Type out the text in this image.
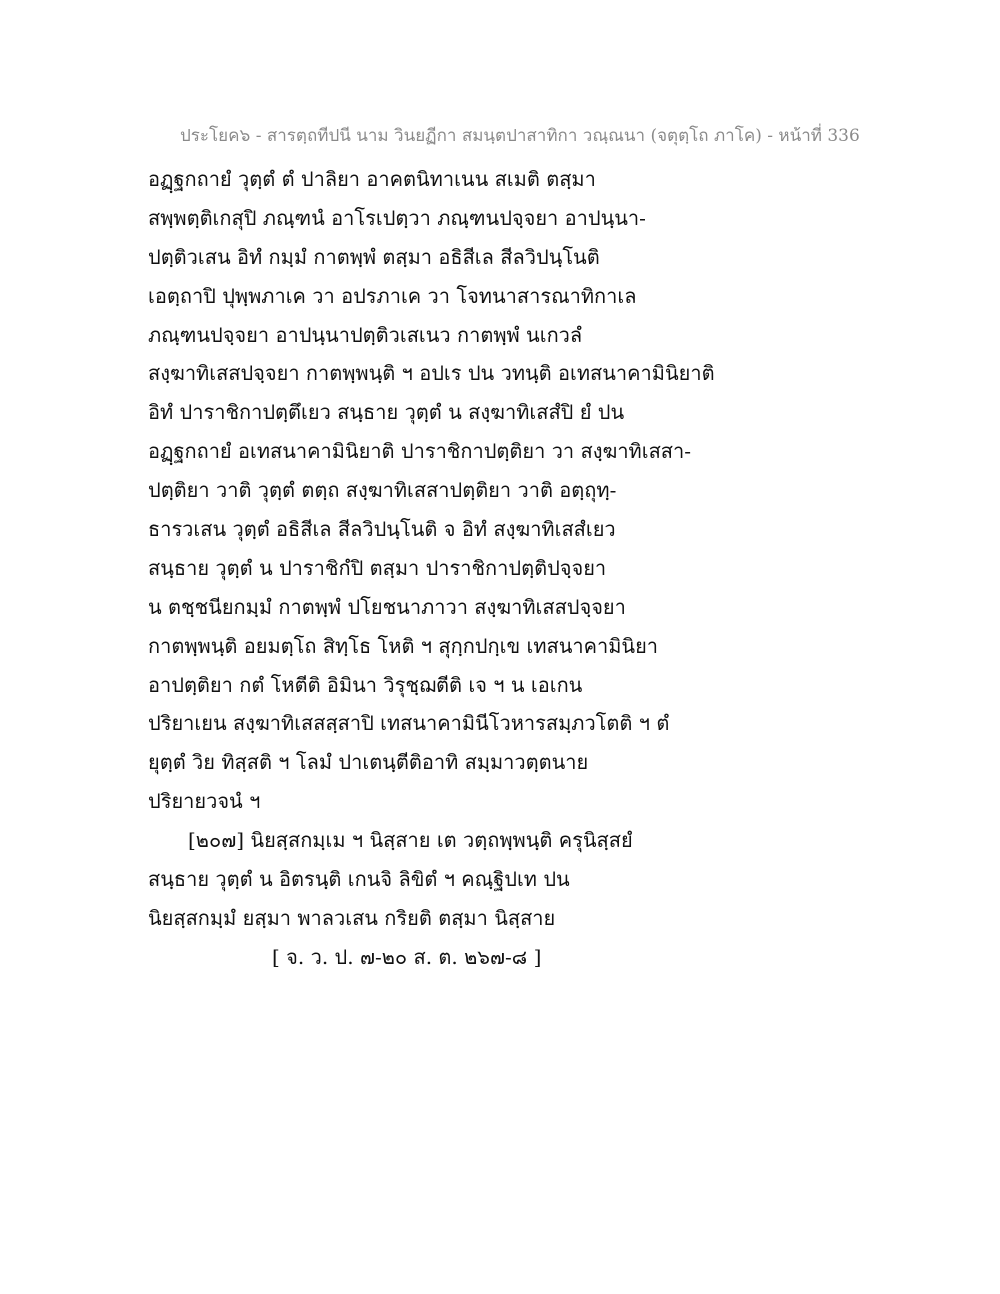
ประโยค๖ - สารตฺถทีปนี นาม วินยฏีกา สมนฺตปาสาทิกา วณฺณนา (จตุตฺโถ ภาโค) - หน้าที่ 336
อฏฺฐกถายํ วุตฺตํ ตํ ปาลิยา อาคตนิทาเนน สเมติ ตสฺมา
สพฺพตฺติเกสุปิ ภณฺฑนํ อาโรเปตฺวา ภณฺฑนปจฺจยา อาปนฺนา-
ปตฺติวเสน อิทํ กมฺมํ กาตพฺพํ ตสฺมา อธิสีเล สีลวิปนฺโนติ
เอตฺถาปิ ปุพฺพภาเค วา อปรภาเค วา โจทนาสารณาทิกาเล
ภณฺฑนปจฺจยา อาปนฺนาปตฺติวเสเนว กาตพฺพํ นเกวลํ
สงฺฆาทิเสสปจฺจยา กาตพฺพนฺติ ฯ อปเร ปน วทนฺติ อเทสนาคามินิยาติ
อิทํ ปาราชิกาปตฺตึเยว สนฺธาย วุตฺตํ น สงฺฆาทิเสสํปิ ยํ ปน
อฏฺฐกถายํ อเทสนาคามินิยาติ ปาราชิกาปตฺติยา วา สงฺฆาทิเสสา-
ปตฺติยา วาติ วุตฺตํ ตตฺถ สงฺฆาทิเสสาปตฺติยา วาติ อตฺถุทฺ-
ธารวเสน วุตฺตํ อธิสีเล สีลวิปนฺโนติ จ อิทํ สงฺฆาทิเสสํเยว
สนฺธาย วุตฺตํ น ปาราชิกํปิ ตสฺมา ปาราชิกาปตฺติปจฺจยา
น ตชฺชนียกมฺมํ กาตพฺพํ ปโยชนาภาวา สงฺฆาทิเสสปจฺจยา
กาตพฺพนฺติ อยมตฺโถ สิทฺโธ โหติ ฯ สุกฺกปกฺเข เทสนาคามินิยา
อาปตฺติยา กตํ โหตีติ อิมินา วิรุชฺฌตีติ เจ ฯ น เอเกน
ปริยาเยน สงฺฆาทิเสสสฺสาปิ เทสนาคามินีโวหารสมฺภวโตติ ฯ ตํ
ยุตฺตํ วิย ทิสฺสติ ฯ โลมํ ปาเตนฺตีติอาทิ สมฺมาวตฺตนาย
ปริยายวจนํ ฯ
[๒๐๗] นิยสฺสกมฺเม ฯ นิสฺสาย เต วตฺถพฺพนฺติ ครุนิสฺสยํ
สนฺธาย วุตฺตํ น อิตรนฺติ เกนจิ ลิขิตํ ฯ คณฺฐิปเท ปน
นิยสฺสกมฺมํ ยสฺมา พาลวเสน กริยติ ตสฺมา นิสฺสาย
[ จ. ว. ป. ๗-๒๐ ส. ต. ๒๖๗-๘ ]
